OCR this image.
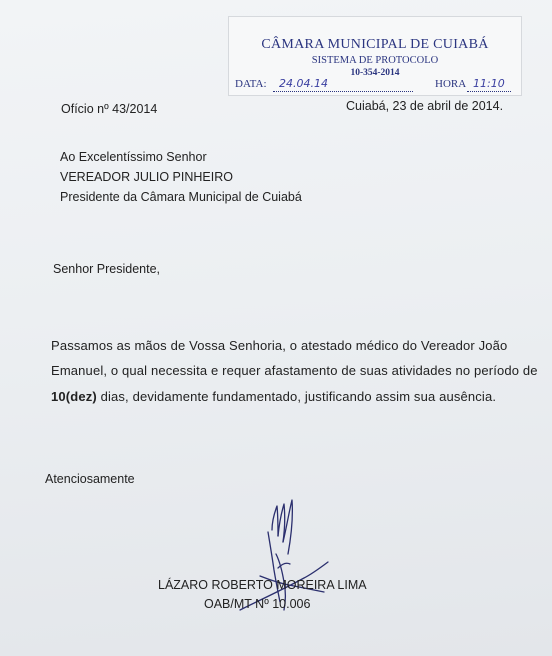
CÂMARA MUNICIPAL DE CUIABÁ
SISTEMA DE PROTOCOLO
10-354-2014
DATA: 24.04.14	HORA 11:10
Ofício nº 43/2014	Cuiabá, 23 de abril de 2014.
Ao Excelentíssimo Senhor
VEREADOR JULIO PINHEIRO
Presidente da Câmara Municipal de Cuiabá
Senhor Presidente,
Passamos as mãos de Vossa Senhoria, o atestado médico do Vereador João
Emanuel, o qual necessita e requer afastamento de suas atividades no período de
10(dez) dias, devidamente fundamentado, justificando assim sua ausência.
Atenciosamente
LÁZARO ROBERTO MOREIRA LIMA
OAB/MT Nº 10.006
